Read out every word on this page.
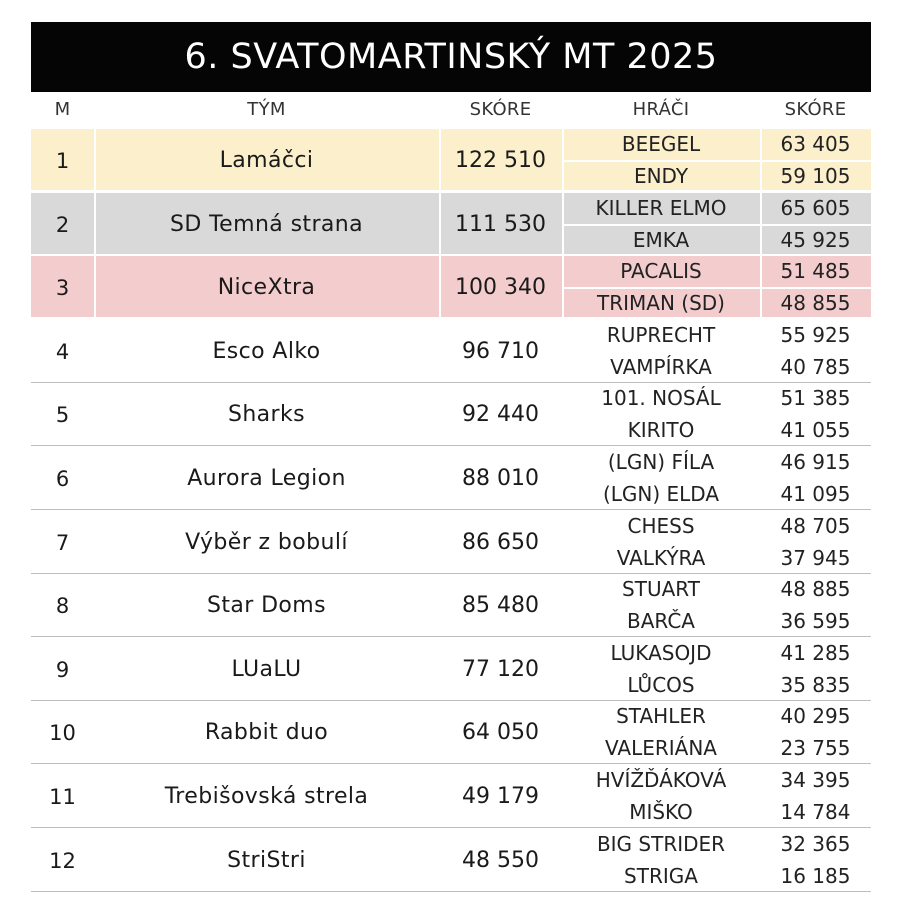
6. SVATOMARTINSKÝ MT 2025
M	TÝM	SKÓRE	HRÁČI	SKÓRE
1	Lamáčci	122 510
BEEGEL	63 405
ENDY	59 105
2	SD Temná strana	111 530
KILLER ELMO	65 605
EMKA	45 925
3	NiceXtra	100 340
PACALIS	51 485
TRIMAN (SD)	48 855
4	Esco Alko	96 710
RUPRECHT	55 925
VAMPÍRKA	40 785
5	Sharks	92 440
101. NOSÁL	51 385
KIRITO	41 055
6	Aurora Legion	88 010
(LGN) FÍLA	46 915
(LGN) ELDA	41 095
7	Výběr z bobulí	86 650
CHESS	48 705
VALKÝRA	37 945
8	Star Doms	85 480
STUART	48 885
BARČA	36 595
9	LUaLU	77 120
LUKASOJD	41 285
LŮCOS	35 835
10	Rabbit duo	64 050
STAHLER	40 295
VALERIÁNA	23 755
11	Trebišovská strela	49 179
HVÍŽĎÁKOVÁ	34 395
MIŠKO	14 784
12	StriStri	48 550
BIG STRIDER	32 365
STRIGA	16 185
